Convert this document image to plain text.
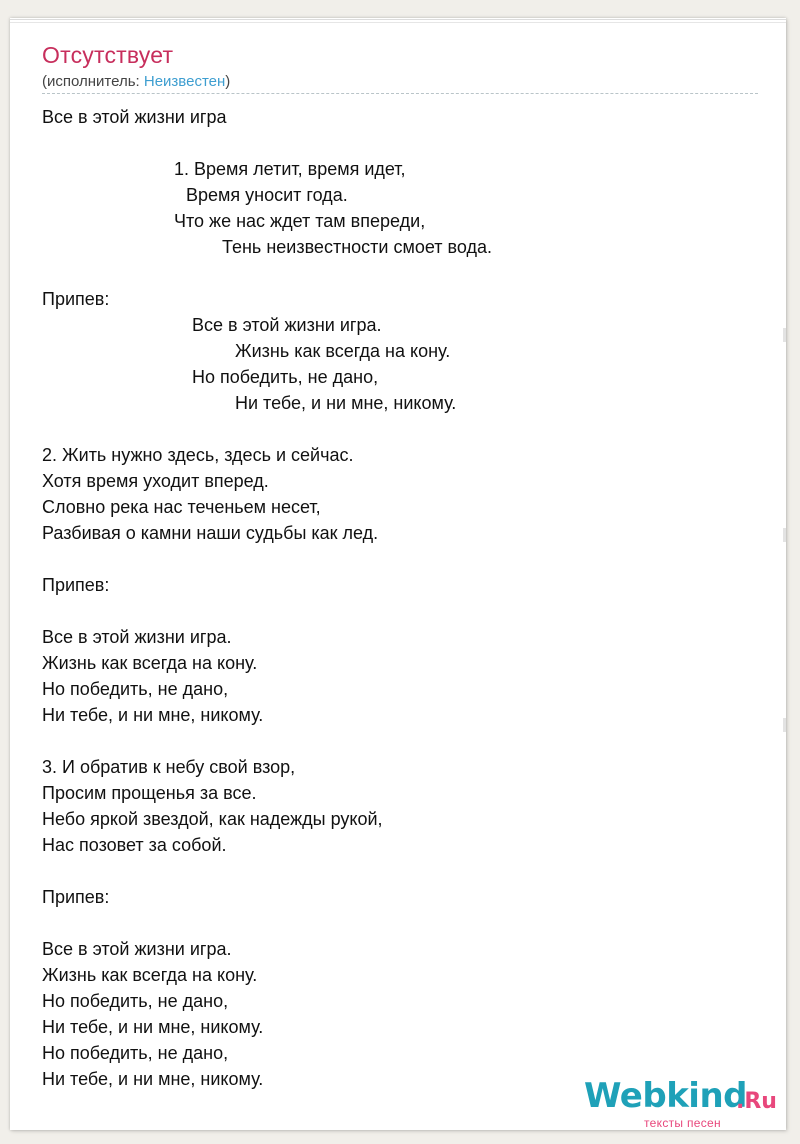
Отсутствует
(исполнитель: Неизвестен)
Все в этой жизни игра
1. Время летит, время идет,
Время уносит года.
Что же нас ждет там впереди,
Тень неизвестности смоет вода.
Припев:
Все в этой жизни игра.
Жизнь как всегда на кону.
Но победить, не дано,
Ни тебе, и ни мне, никому.
2. Жить нужно здесь, здесь и сейчас.
Хотя время уходит вперед.
Словно река нас теченьем несет,
Разбивая о камни наши судьбы как лед.
Припев:
Все в этой жизни игра.
Жизнь как всегда на кону.
Но победить, не дано,
Ни тебе, и ни мне, никому.
3. И обратив к небу свой взор,
Просим прощенья за все.
Небо яркой звездой, как надежды рукой,
Нас позовет за собой.
Припев:
Все в этой жизни игра.
Жизнь как всегда на кону.
Но победить, не дано,
Ни тебе, и ни мне, никому.
Но победить, не дано,
Ни тебе, и ни мне, никому.	Webkind
.Ru
тексты песен
